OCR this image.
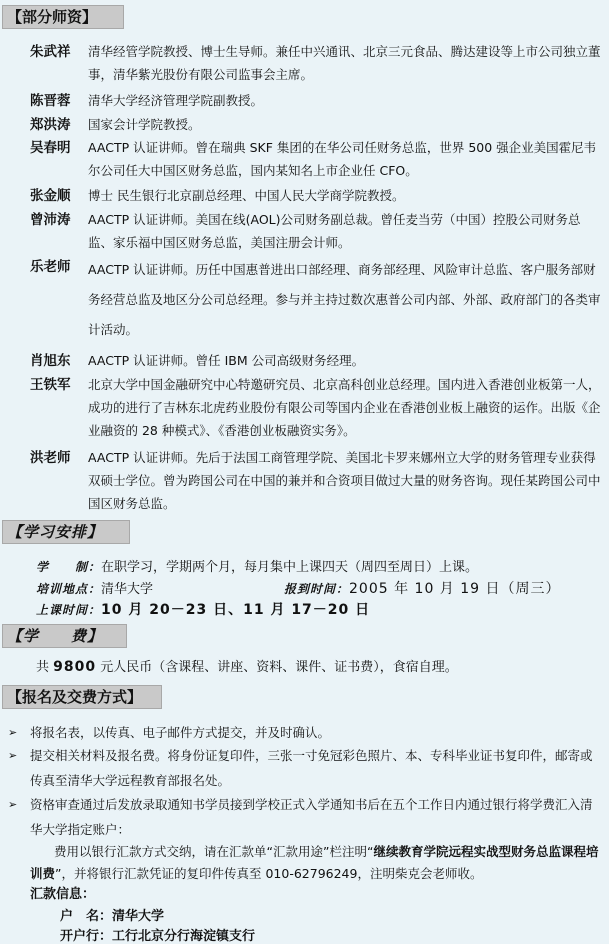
【部分师资】
朱武祥	清华经管学院教授、博士生导师。兼任中兴通讯、北京三元食品、腾达建设等上市公司独立董事，清华紫光股份有限公司监事会主席。
陈晋蓉	清华大学经济管理学院副教授。
郑洪涛	国家会计学院教授。
吴春明	AACTP 认证讲师。曾在瑞典 SKF 集团的在华公司任财务总监，世界 500 强企业美国霍尼韦尔公司任大中国区财务总监，国内某知名上市企业任 CFO。
张金顺	博士 民生银行北京副总经理、中国人民大学商学院教授。
曾沛涛	AACTP 认证讲师。美国在线(AOL)公司财务副总裁。曾任麦当劳（中国）控股公司财务总监、家乐福中国区财务总监，美国注册会计师。
乐老师	AACTP 认证讲师。历任中国惠普进出口部经理、商务部经理、风险审计总监、客户服务部财务经营总监及地区分公司总经理。参与并主持过数次惠普公司内部、外部、政府部门的各类审计活动。
肖旭东	AACTP 认证讲师。曾任 IBM 公司高级财务经理。
王铁军	北京大学中国金融研究中心特邀研究员、北京高科创业总经理。国内进入香港创业板第一人，成功的进行了吉林东北虎药业股份有限公司等国内企业在香港创业板上融资的运作。出版《企业融资的 28 种模式》、《香港创业板融资实务》。
洪老师	AACTP 认证讲师。先后于法国工商管理学院、美国北卡罗来娜州立大学的财务管理专业获得双硕士学位。曾为跨国公司在中国的兼并和合资项目做过大量的财务咨询。现任某跨国公司中国区财务总监。
【学习安排】
学　　制：在职学习，学期两个月，每月集中上课四天（周四至周日）上课。
培训地点：清华大学	报到时间：2005 年 10 月 19 日（周三）
上课时间：10 月 20－23 日、11 月 17－20 日
【学　　费】
共 9800 元人民币（含课程、讲座、资料、课件、证书费），食宿自理。
【报名及交费方式】
➢ 将报名表，以传真、电子邮件方式提交，并及时确认。
➢ 提交相关材料及报名费。将身份证复印件，三张一寸免冠彩色照片、本、专科毕业证书复印件，邮寄或传真至清华大学远程教育部报名处。
➢ 资格审查通过后发放录取通知书学员接到学校正式入学通知书后在五个工作日内通过银行将学费汇入清华大学指定账户：
费用以银行汇款方式交纳，请在汇款单“汇款用途”栏注明“继续教育学院远程实战型财务总监课程培训费”，并将银行汇款凭证的复印件传真至 010-62796249，注明柴克会老师收。
汇款信息：
户　名：清华大学
开户行：工行北京分行海淀镇支行
